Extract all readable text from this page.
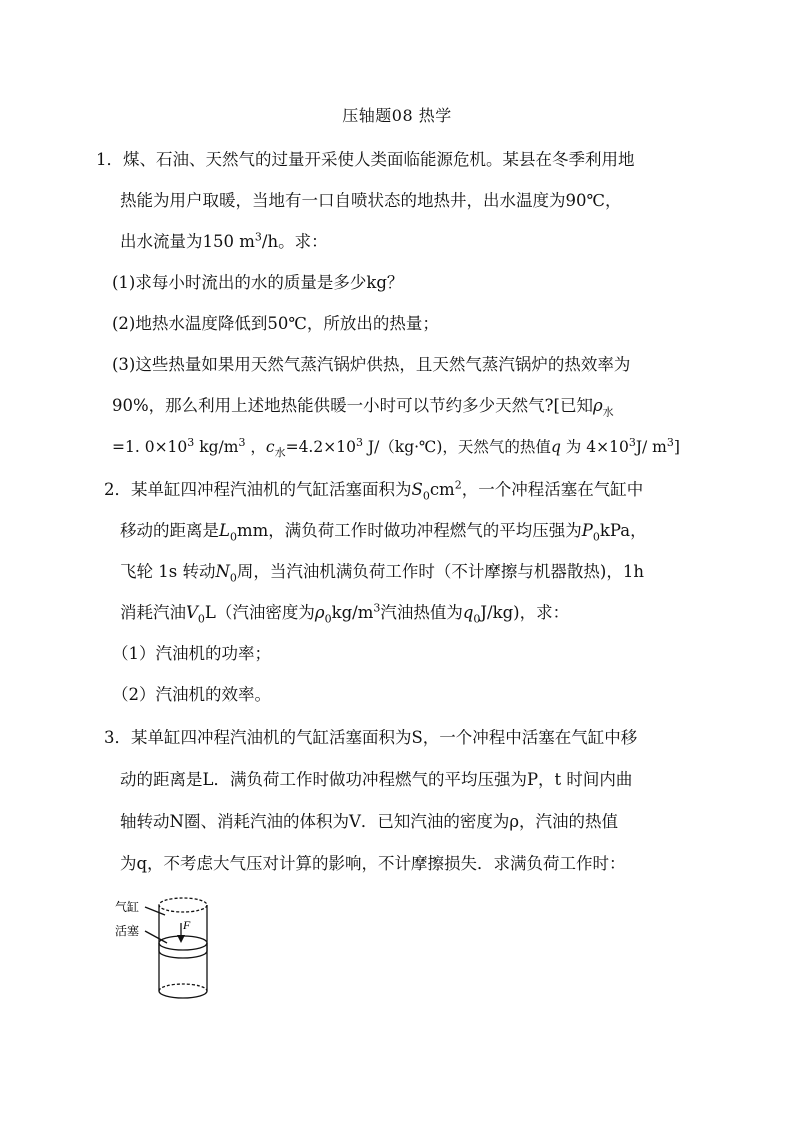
压轴题08 热学
1．煤、石油、天然气的过量开采使人类面临能源危机。某县在冬季利用地
热能为用户取暖，当地有一口自喷状态的地热井，出水温度为90℃，
出水流量为150 $m^3/h$。求：
(1)求每小时流出的水的质量是多少kg？
(2)地热水温度降低到50℃，所放出的热量；
(3)这些热量如果用天然气蒸汽锅炉供热，且天然气蒸汽锅炉的热效率为
90%，那么利用上述地热能供暖一小时可以节约多少天然气?[已知$\rho_水$
=1. $0\times 10^3$ $kg/m^3$ ，$c_水=4.2\times 10^3$ J/（kg·℃)，天然气的热值q 为 $4\times 10^3J/$ $m^3$]
2．某单缸四冲程汽油机的气缸活塞面积为$S_0cm^2$，一个冲程活塞在气缸中
移动的距离是$L_0mm$，满负荷工作时做功冲程燃气的平均压强为$P_0kPa$，
飞轮 1s 转动$N_0$周，当汽油机满负荷工作时（不计摩擦与机器散热)，1h
消耗汽油$V_0L$（汽油密度为$\rho_0kg/m^3$汽油热值为$q_0J/kg$)，求：
（1）汽油机的功率；
（2）汽油机的效率。
3．某单缸四冲程汽油机的气缸活塞面积为S，一个冲程中活塞在气缸中移
动的距离是L．满负荷工作时做功冲程燃气的平均压强为P，t 时间内曲
轴转动N圈、消耗汽油的体积为V．已知汽油的密度为ρ，汽油的热值
为q，不考虑大气压对计算的影响，不计摩擦损失．求满负荷工作时：
F
气缸
活塞
